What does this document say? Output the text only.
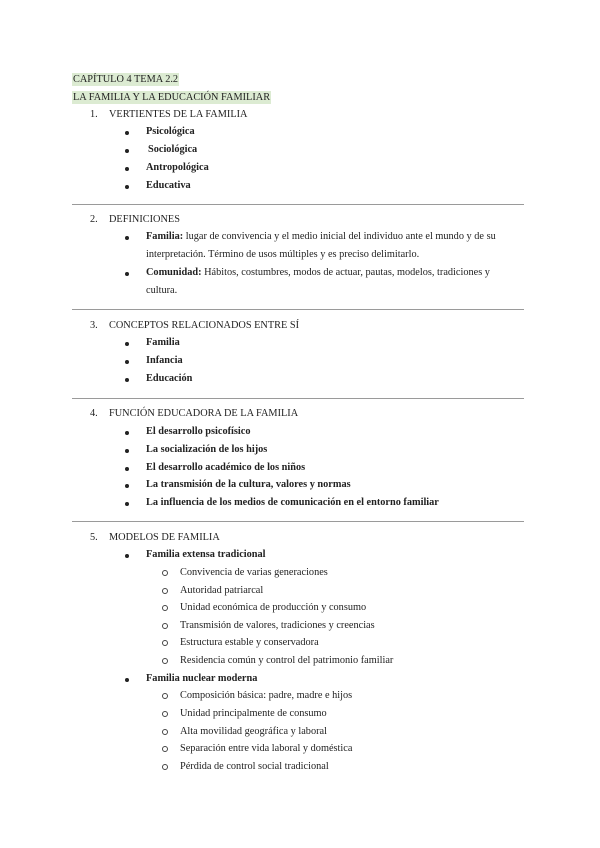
CAPÍTULO 4 TEMA 2.2
LA FAMILIA Y LA EDUCACIÓN FAMILIAR
1. VERTIENTES DE LA FAMILIA
Psicológica
Sociológica
Antropológica
Educativa
2. DEFINICIONES
Familia: lugar de convivencia y el medio inicial del individuo ante el mundo y de su interpretación. Término de usos múltiples y es preciso delimitarlo.
Comunidad: Hábitos, costumbres, modos de actuar, pautas, modelos, tradiciones y cultura.
3. CONCEPTOS RELACIONADOS ENTRE SÍ
Familia
Infancia
Educación
4. FUNCIÓN EDUCADORA DE LA FAMILIA
El desarrollo psicofísico
La socialización de los hijos
El desarrollo académico de los niños
La transmisión de la cultura, valores y normas
La influencia de los medios de comunicación en el entorno familiar
5. MODELOS DE FAMILIA
Familia extensa tradicional
Convivencia de varias generaciones
Autoridad patriarcal
Unidad económica de producción y consumo
Transmisión de valores, tradiciones y creencias
Estructura estable y conservadora
Residencia común y control del patrimonio familiar
Familia nuclear moderna
Composición básica: padre, madre e hijos
Unidad principalmente de consumo
Alta movilidad geográfica y laboral
Separación entre vida laboral y doméstica
Pérdida de control social tradicional
